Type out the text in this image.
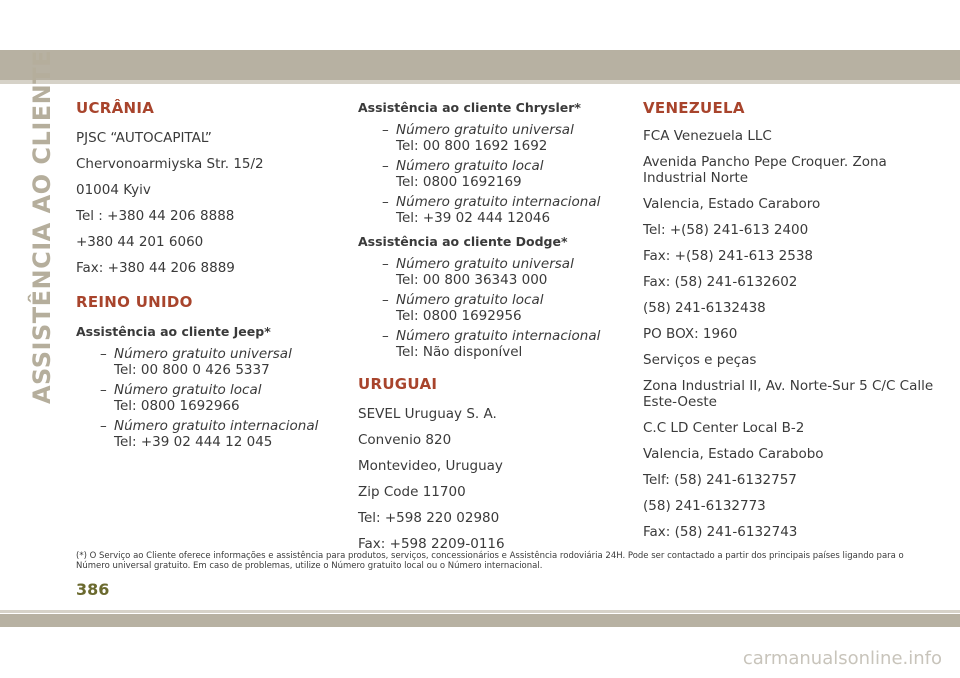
ASSISTÊNCIA AO CLIENTE UCRÂNIA
PJSC “AUTOCAPITAL”
Chervonoarmiyska Str. 15/2
01004 Kyiv
Tel : +380 44 206 8888
+380 44 201 6060
Fax: +380 44 206 8889
REINO UNIDO
Assistência ao cliente Jeep*
– Número gratuito universal
Tel: 00 800 0 426 5337
– Número gratuito local
Tel: 0800 1692966
– Número gratuito internacional
Tel: +39 02 444 12 045
Assistência ao cliente Chrysler*
– Número gratuito universal
Tel: 00 800 1692 1692
– Número gratuito local
Tel: 0800 1692169
– Número gratuito internacional
Tel: +39 02 444 12046
Assistência ao cliente Dodge*
– Número gratuito universal
Tel: 00 800 36343 000
– Número gratuito local
Tel: 0800 1692956
– Número gratuito internacional
Tel: Não disponível
URUGUAI
SEVEL Uruguay S. A.
Convenio 820
Montevideo, Uruguay
Zip Code 11700
Tel: +598 220 02980
Fax: +598 2209-0116
VENEZUELA
FCA Venezuela LLC
Avenida Pancho Pepe Croquer. Zona
Industrial Norte
Valencia, Estado Caraboro
Tel: +(58) 241-613 2400
Fax: +(58) 241-613 2538
Fax: (58) 241-6132602
(58) 241-6132438
PO BOX: 1960
Serviços e peças
Zona Industrial II, Av. Norte-Sur 5 C/C Calle
Este-Oeste
C.C LD Center Local B-2
Valencia, Estado Carabobo
Telf: (58) 241-6132757
(58) 241-6132773
Fax: (58) 241-6132743
(*) O Serviço ao Cliente oferece informações e assistência para produtos, serviços, concessionários e Assistência rodoviária 24H. Pode ser contactado a partir dos principais países ligando para o Número universal gratuito. Em caso de problemas, utilize o Número gratuito local ou o Número internacional.
386
carmanualsonline.info
